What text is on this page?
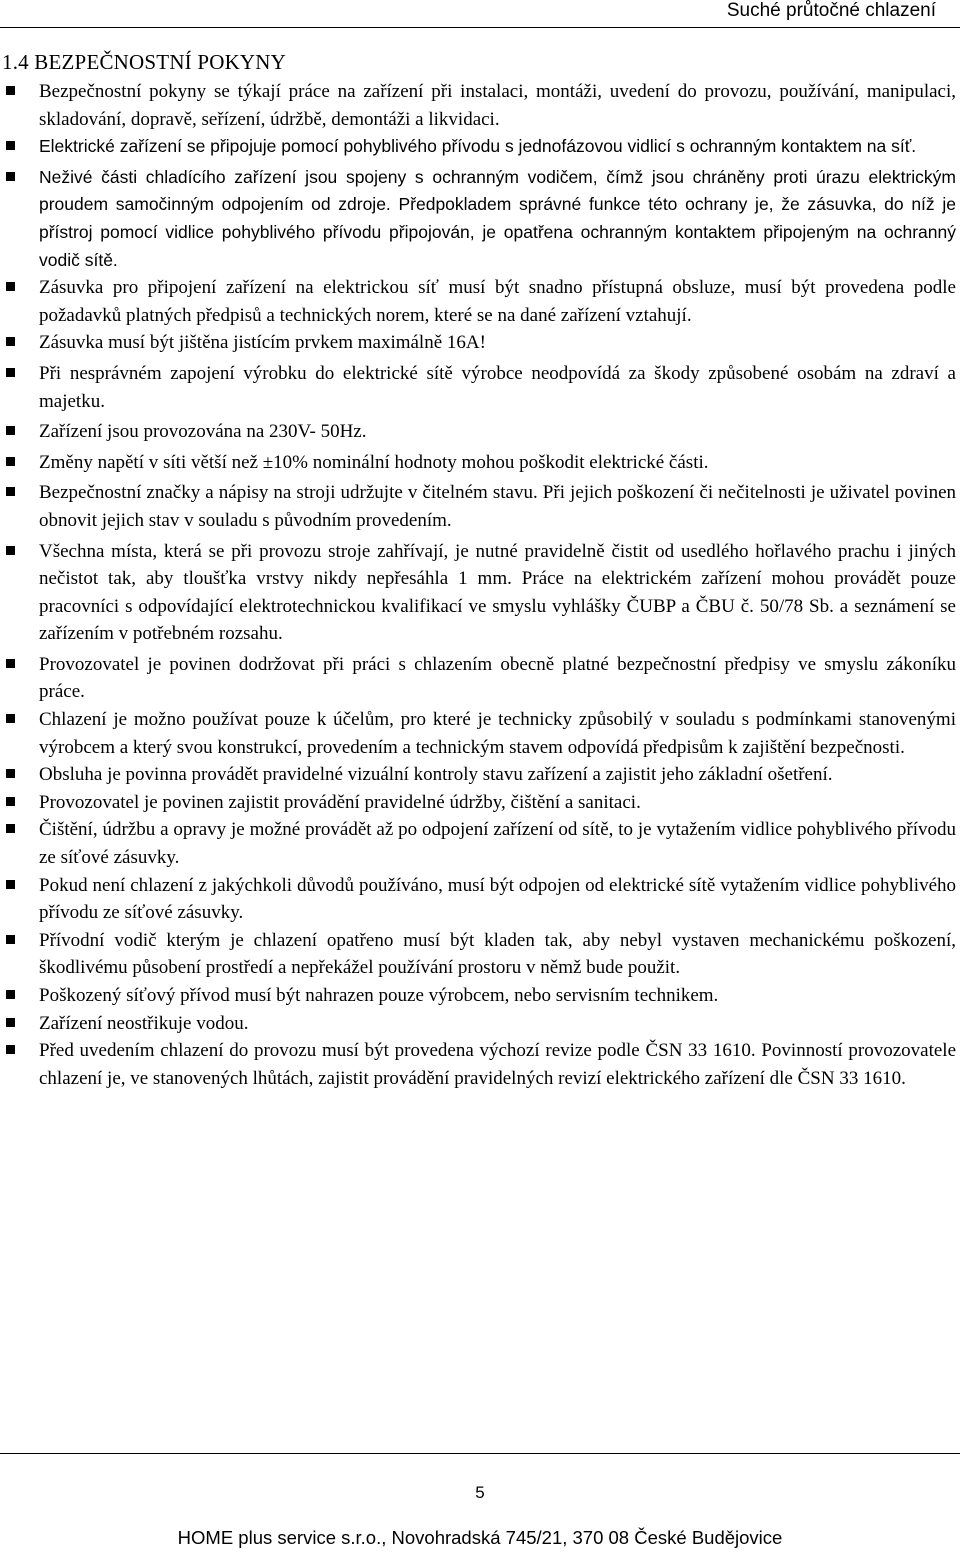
Suché průtočné chlazení
1.4 BEZPEČNOSTNÍ POKYNY
Bezpečnostní pokyny se týkají práce na zařízení při instalaci, montáži, uvedení do provozu, používání, manipulaci, skladování, dopravě, seřízení, údržbě, demontáži a likvidaci.
Elektrické zařízení se připojuje pomocí pohyblivého přívodu s jednofázovou vidlicí s ochranným kontaktem na síť.
Neživé části chladícího zařízení jsou spojeny s ochranným vodičem, čímž jsou chráněny proti úrazu elektrickým proudem samočinným odpojením od zdroje. Předpokladem správné funkce této ochrany je, že zásuvka, do níž je přístroj pomocí vidlice pohyblivého přívodu připojován, je opatřena ochranným kontaktem připojeným na ochranný vodič sítě.
Zásuvka pro připojení zařízení na elektrickou síť musí být snadno přístupná obsluze, musí být provedena podle požadavků platných předpisů a technických norem, které se na dané zařízení vztahují.
Zásuvka musí být jištěna jistícím prvkem maximálně 16A!
Při nesprávném zapojení výrobku do elektrické sítě výrobce neodpovídá za škody způsobené osobám na zdraví a majetku.
Zařízení jsou provozována na 230V- 50Hz.
Změny napětí v síti větší než ±10% nominální hodnoty mohou poškodit elektrické části.
Bezpečnostní značky a nápisy na stroji udržujte v čitelném stavu. Při jejich poškození či nečitelnosti je uživatel povinen obnovit jejich stav v souladu s původním provedením.
Všechna místa, která se při provozu stroje zahřívají, je nutné pravidelně čistit od usedlého hořlavého prachu i jiných nečistot tak, aby tloušťka vrstvy nikdy nepřesáhla 1 mm. Práce na elektrickém zařízení mohou provádět pouze pracovníci s odpovídající elektrotechnickou kvalifikací ve smyslu vyhlášky ČUBP a ČBU č. 50/78 Sb. a seznámení se zařízením v potřebném rozsahu.
Provozovatel je povinen dodržovat při práci s chlazením obecně platné bezpečnostní předpisy ve smyslu zákoníku práce.
Chlazení je možno používat pouze k účelům, pro které je technicky způsobilý v souladu s podmínkami stanovenými výrobcem a který svou konstrukcí, provedením a technickým stavem odpovídá předpisům k zajištění bezpečnosti.
Obsluha je povinna provádět pravidelné vizuální kontroly stavu zařízení a zajistit jeho základní ošetření.
Provozovatel je povinen zajistit provádění pravidelné údržby, čištění a sanitaci.
Čištění, údržbu a opravy je možné provádět až po odpojení zařízení od sítě, to je vytažením vidlice pohyblivého přívodu ze síťové zásuvky.
Pokud není chlazení z jakýchkoli důvodů používáno, musí být odpojen od elektrické sítě vytažením vidlice pohyblivého přívodu ze síťové zásuvky.
Přívodní vodič kterým je chlazení opatřeno musí být kladen tak, aby nebyl vystaven mechanickému poškození, škodlivému působení prostředí a nepřekážel používání prostoru v němž bude použit.
Poškozený síťový přívod musí být nahrazen pouze výrobcem, nebo servisním technikem.
Zařízení neostřikuje vodou.
Před uvedením chlazení do provozu musí být provedena výchozí revize podle ČSN 33 1610. Povinností provozovatele chlazení je, ve stanovených lhůtách, zajistit provádění pravidelných revizí elektrického zařízení dle ČSN 33 1610.
5
HOME plus service s.r.o., Novohradská 745/21, 370 08 České Budějovice
